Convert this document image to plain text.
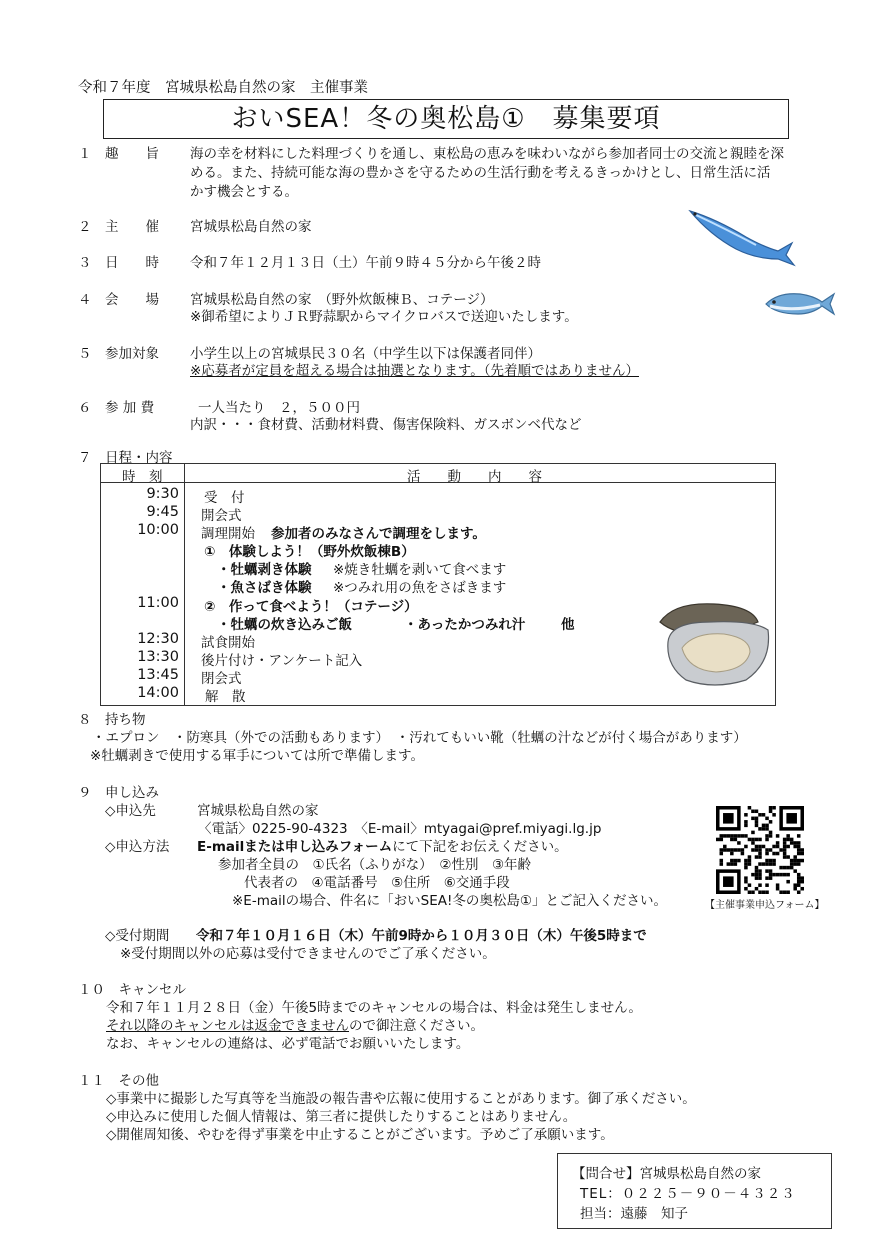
令和７年度　宮城県松島自然の家　主催事業
おいSEA！冬の奥松島①　募集要項
１ 趣　　旨 海の幸を材料にした料理づくりを通し、東松島の恵みを味わいながら参加者同士の交流と親睦を深
める。また、持続可能な海の豊かさを守るための生活行動を考えるきっかけとし、日常生活に活
かす機会とする。
２ 主　　催 宮城県松島自然の家
３ 日　　時 令和７年１２月１３日（土）午前９時４５分から午後２時
４ 会　　場 宮城県松島自然の家　（野外炊飯棟Ｂ、コテージ）
※御希望によりＪＲ野蒜駅からマイクロバスで送迎いたします。
５ 参加対象 小学生以上の宮城県民３０名（中学生以下は保護者同伴）
※応募者が定員を超える場合は抽選となります。（先着順ではありません）
６ 参 加 費	一人当たり　２，５００円
内訳・・・食材費、活動材料費、傷害保険料、ガスボンベ代など
７　日程・内容
時　刻	活　　動　　内　　容
9:30 受　付
9:45 開会式
10:00 調理開始 参加者のみなさんで調理をします。
①　体験しよう！（野外炊飯棟B）
・牡蠣剥き体験 ※焼き牡蠣を剥いて食べます
・魚さばき体験 ※つみれ用の魚をさばきます
11:00 ②　作って食べよう！（コテージ）
・牡蠣の炊き込みご飯	・あったかつみれ汁	他
12:30 試食開始
13:30 後片付け・アンケート記入
13:45 閉会式
14:00 解　散
８　持ち物
・エプロン　・防寒具（外での活動もあります）　・汚れてもいい靴（牡蠣の汁などが付く場合があります）
※牡蠣剥きで使用する軍手については所で準備します。
９　申し込み
◇申込先	宮城県松島自然の家
〈電話〉0225-90-4323　〈E-mail〉mtyagai@pref.miyagi.lg.jp
◇申込方法 E-mailまたは申し込みフォームにて下記をお伝えください。
参加者全員の　①氏名（ふりがな）　②性別　③年齢
代表者の　④電話番号　⑤住所　⑥交通手段
※E-mailの場合、件名に「おいSEA!冬の奥松島①」とご記入ください。
◇受付期間 令和７年１０月１６日（木）午前9時から１０月３０日（木）午後5時まで
※受付期間以外の応募は受付できませんのでご了承ください。
【主催事業申込フォーム】
１０　キャンセル
令和７年１１月２８日（金）午後5時までのキャンセルの場合は、料金は発生しません。
それ以降のキャンセルは返金できませんので御注意ください。
なお、キャンセルの連絡は、必ず電話でお願いいたします。
１１　その他
◇事業中に撮影した写真等を当施設の報告書や広報に使用することがあります。御了承ください。
◇申込みに使用した個人情報は、第三者に提供したりすることはありません。
◇開催周知後、やむを得ず事業を中止することがございます。予めご了承願います。
【問合せ】宮城県松島自然の家
TEL：０２２５－９０－４３２３
担当：遠藤　知子
